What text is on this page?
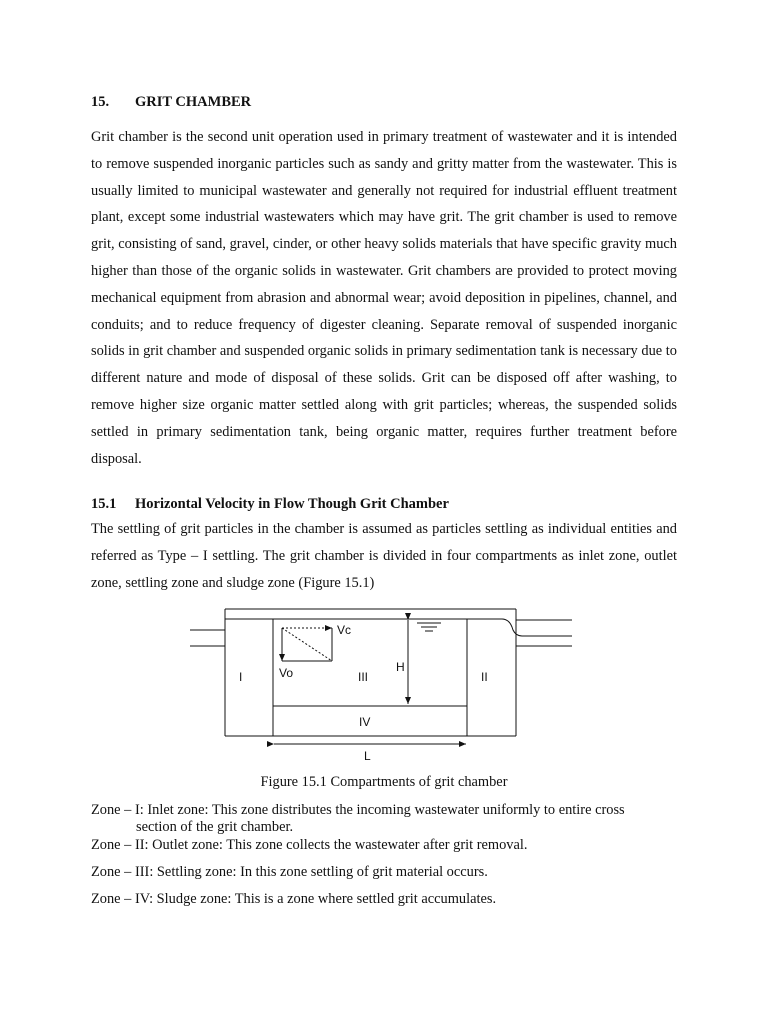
15. GRIT CHAMBER

Grit chamber is the second unit operation used in primary treatment of wastewater and it is intended to remove suspended inorganic particles such as sandy and gritty matter from the wastewater. This is usually limited to municipal wastewater and generally not required for industrial effluent treatment plant, except some industrial wastewaters which may have grit. The grit chamber is used to remove grit, consisting of sand, gravel, cinder, or other heavy solids materials that have specific gravity much higher than those of the organic solids in wastewater. Grit chambers are provided to protect moving mechanical equipment from abrasion and abnormal wear; avoid deposition in pipelines, channel, and conduits; and to reduce frequency of digester cleaning. Separate removal of suspended inorganic solids in grit chamber and suspended organic solids in primary sedimentation tank is necessary due to different nature and mode of disposal of these solids. Grit can be disposed off after washing, to remove higher size organic matter settled along with grit particles; whereas, the suspended solids settled in primary sedimentation tank, being organic matter, requires further treatment before disposal.

15.1 Horizontal Velocity in Flow Though Grit Chamber

The settling of grit particles in the chamber is assumed as particles settling as individual entities and referred as Type – I settling. The grit chamber is divided in four compartments as inlet zone, outlet zone, settling zone and sludge zone (Figure 15.1)

Vc
Vo	H
I	II
III
IV
L
Figure 15.1 Compartments of grit chamber
Zone – I: Inlet zone: This zone distributes the incoming wastewater uniformly to entire cross
section of the grit chamber.
Zone – II: Outlet zone: This zone collects the wastewater after grit removal.
Zone – III: Settling zone: In this zone settling of grit material occurs.
Zone – IV: Sludge zone: This is a zone where settled grit accumulates.
